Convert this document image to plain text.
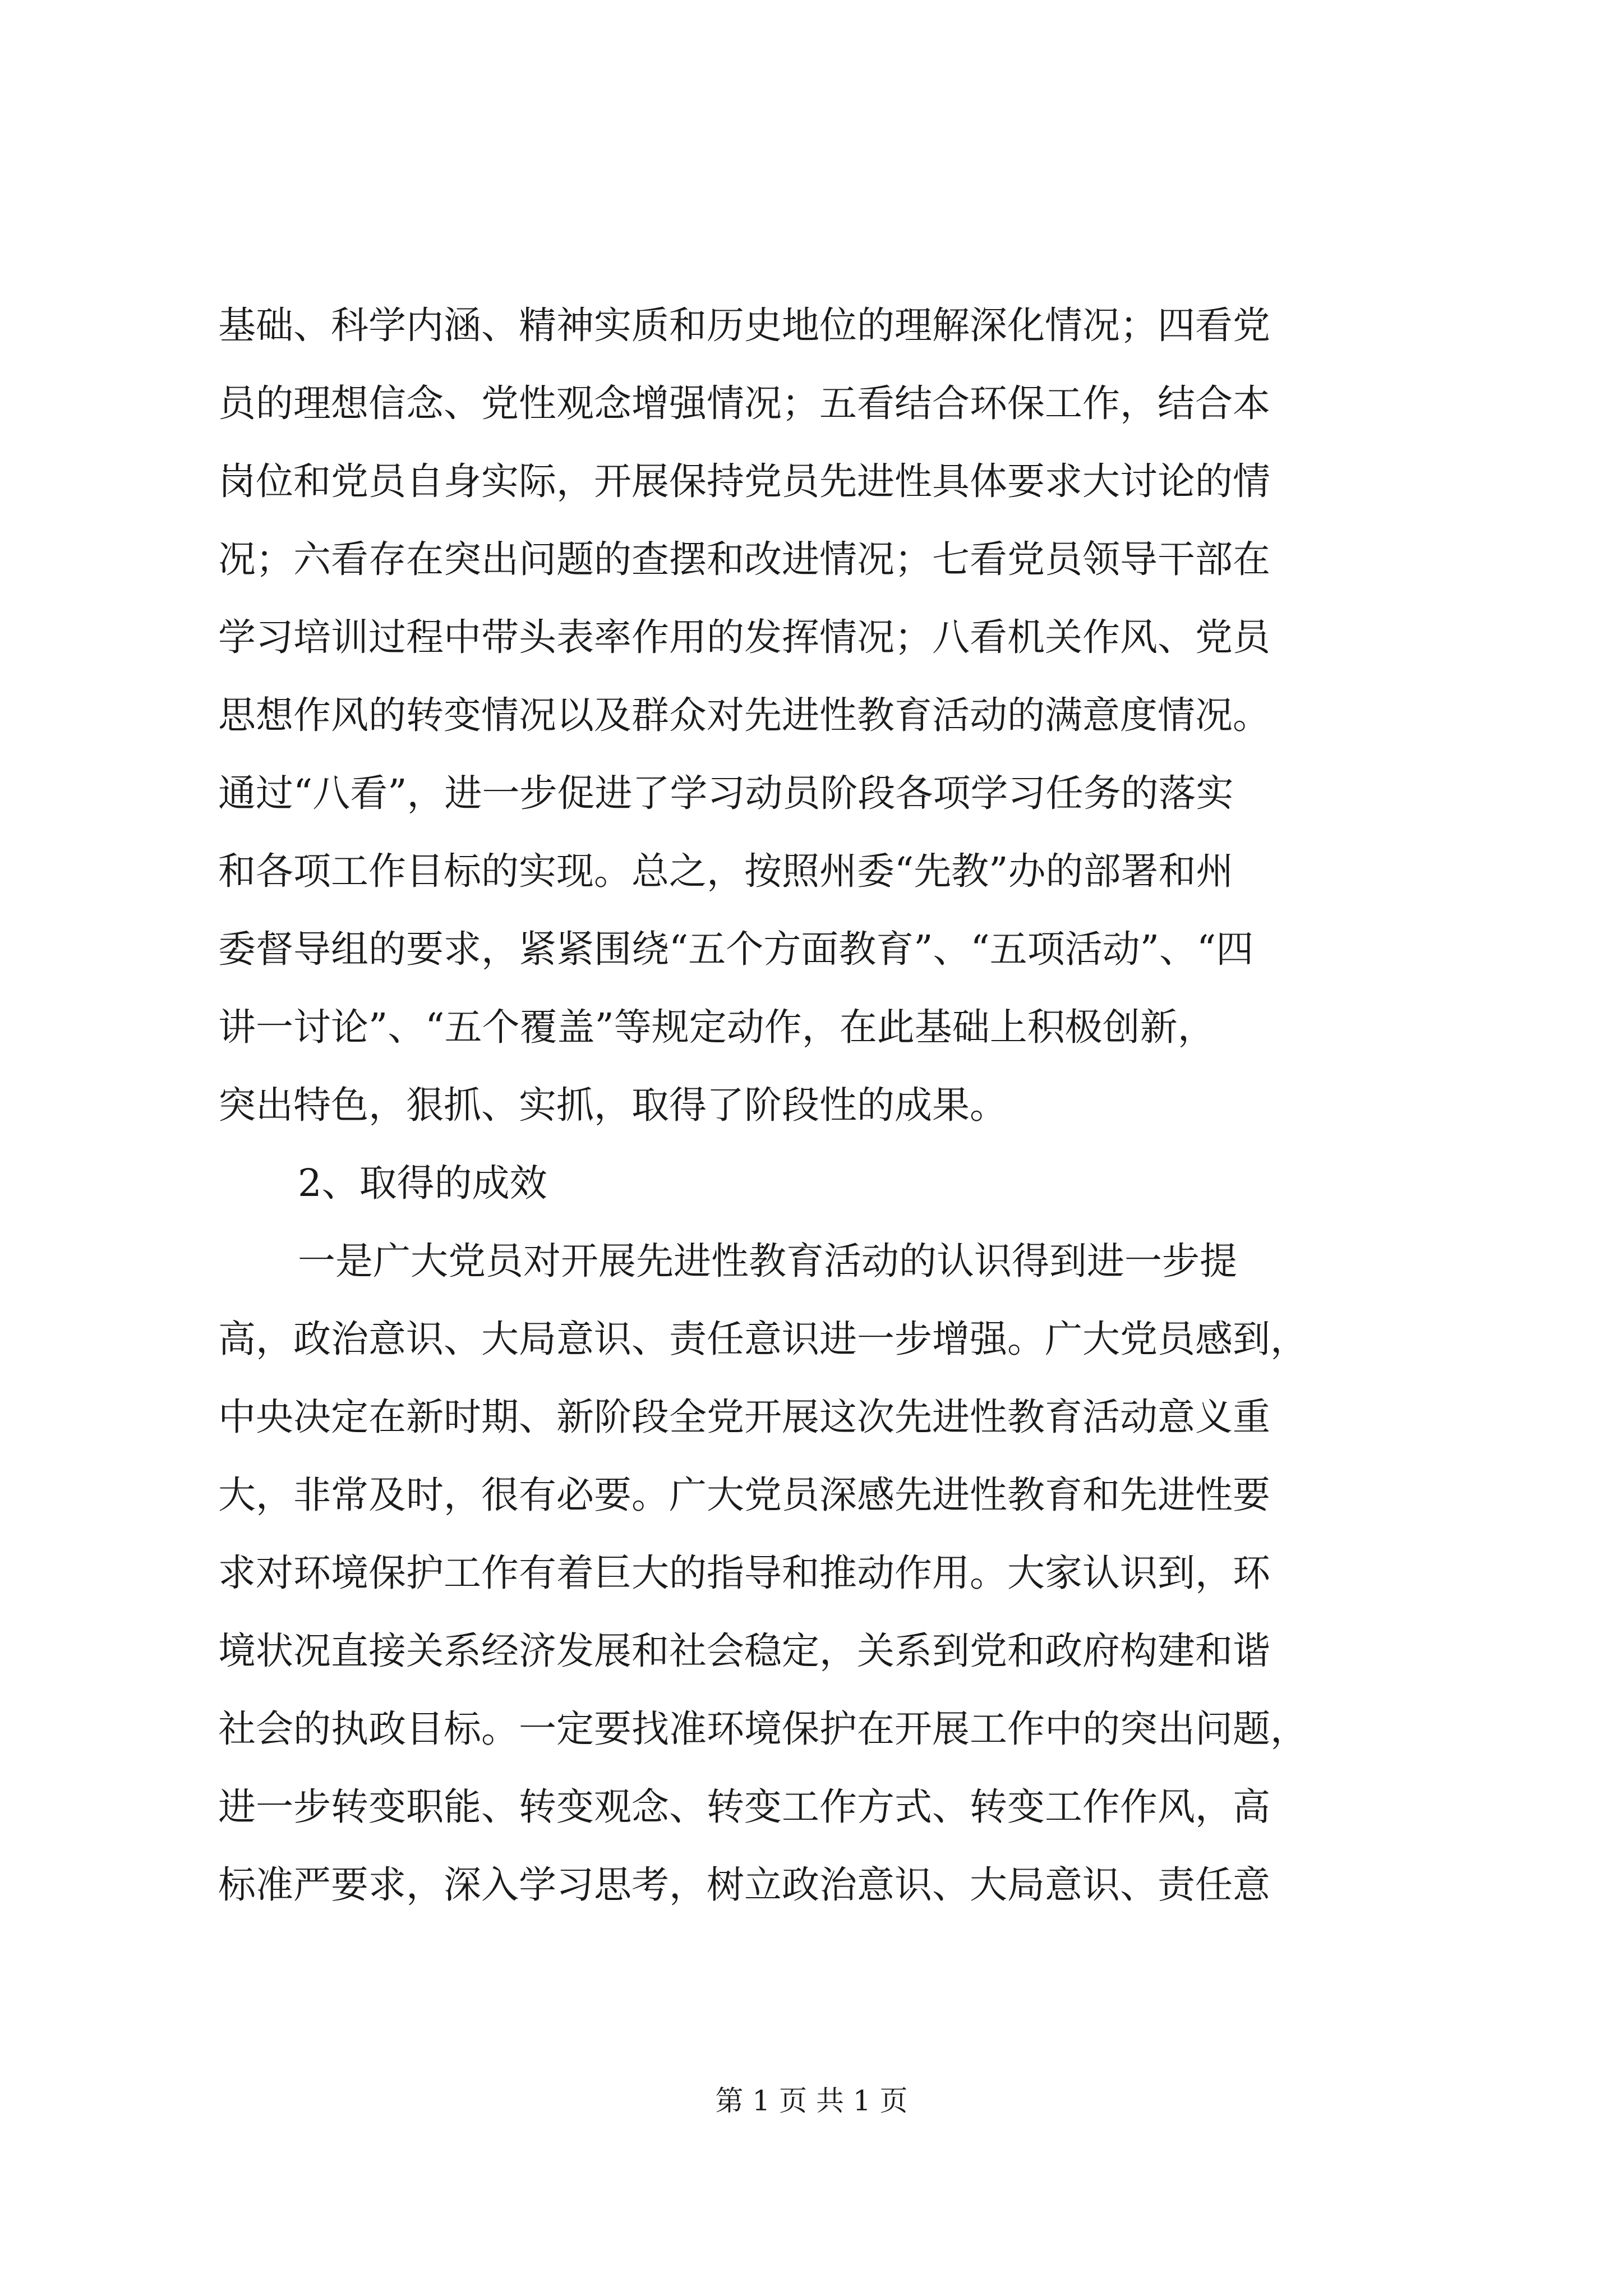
基础、科学内涵、精神实质和历史地位的理解深化情况；四看党
员的理想信念、党性观念增强情况；五看结合环保工作，结合本
岗位和党员自身实际，开展保持党员先进性具体要求大讨论的情
况；六看存在突出问题的查摆和改进情况；七看党员领导干部在
学习培训过程中带头表率作用的发挥情况；八看机关作风、党员
思想作风的转变情况以及群众对先进性教育活动的满意度情况。
通过“八看”，进一步促进了学习动员阶段各项学习任务的落实
和各项工作目标的实现。总之，按照州委“先教”办的部署和州
委督导组的要求，紧紧围绕“五个方面教育”、“五项活动”、“四
讲一讨论”、“五个覆盖”等规定动作，在此基础上积极创新，
突出特色，狠抓、实抓，取得了阶段性的成果。
2、取得的成效
一是广大党员对开展先进性教育活动的认识得到进一步提
高，政治意识、大局意识、责任意识进一步增强。广大党员感到，
中央决定在新时期、新阶段全党开展这次先进性教育活动意义重
大，非常及时，很有必要。广大党员深感先进性教育和先进性要
求对环境保护工作有着巨大的指导和推动作用。大家认识到，环
境状况直接关系经济发展和社会稳定，关系到党和政府构建和谐
社会的执政目标。一定要找准环境保护在开展工作中的突出问题，
进一步转变职能、转变观念、转变工作方式、转变工作作风，高
标准严要求，深入学习思考，树立政治意识、大局意识、责任意
第 1 页 共 1 页
